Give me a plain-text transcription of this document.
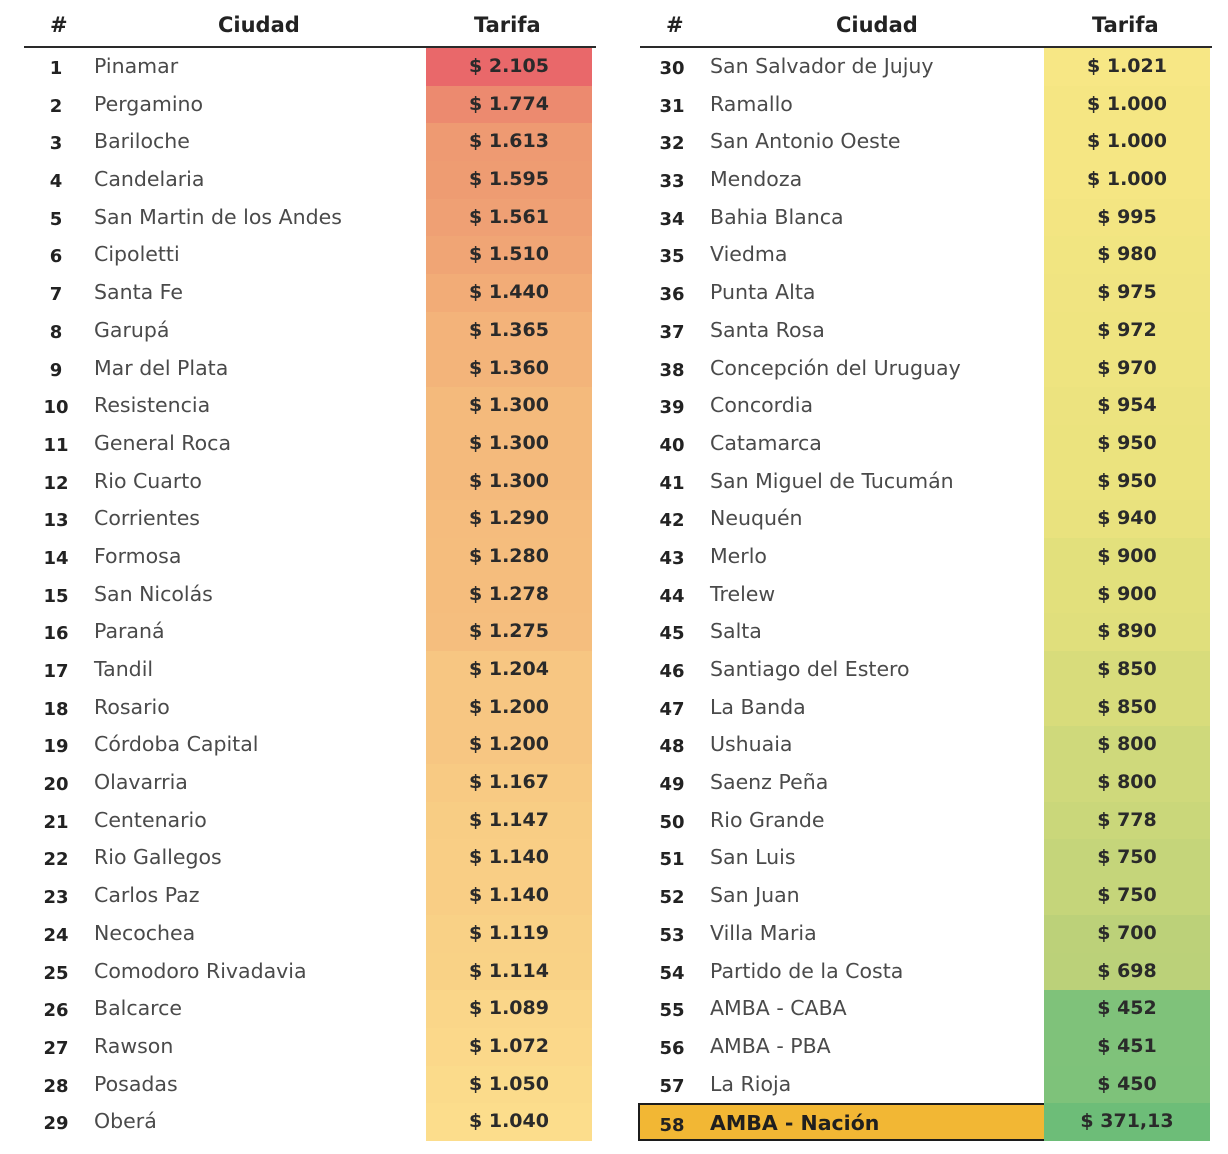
#	Ciudad	Tarifa
1	Pinamar	$ 2.105
2	Pergamino	$ 1.774
3	Bariloche	$ 1.613
4	Candelaria	$ 1.595
5	San Martin de los Andes	$ 1.561
6	Cipoletti	$ 1.510
7	Santa Fe	$ 1.440
8	Garupá	$ 1.365
9	Mar del Plata	$ 1.360
10	Resistencia	$ 1.300
11	General Roca	$ 1.300
12	Rio Cuarto	$ 1.300
13	Corrientes	$ 1.290
14	Formosa	$ 1.280
15	San Nicolás	$ 1.278
16	Paraná	$ 1.275
17	Tandil	$ 1.204
18	Rosario	$ 1.200
19	Córdoba Capital	$ 1.200
20	Olavarria	$ 1.167
21	Centenario	$ 1.147
22	Rio Gallegos	$ 1.140
23	Carlos Paz	$ 1.140
24	Necochea	$ 1.119
25	Comodoro Rivadavia	$ 1.114
26	Balcarce	$ 1.089
27	Rawson	$ 1.072
28	Posadas	$ 1.050
29	Oberá	$ 1.040
#	Ciudad	Tarifa
30	San Salvador de Jujuy	$ 1.021
31	Ramallo	$ 1.000
32	San Antonio Oeste	$ 1.000
33	Mendoza	$ 1.000
34	Bahia Blanca	$ 995
35	Viedma	$ 980
36	Punta Alta	$ 975
37	Santa Rosa	$ 972
38	Concepción del Uruguay	$ 970
39	Concordia	$ 954
40	Catamarca	$ 950
41	San Miguel de Tucumán	$ 950
42	Neuquén	$ 940
43	Merlo	$ 900
44	Trelew	$ 900
45	Salta	$ 890
46	Santiago del Estero	$ 850
47	La Banda	$ 850
48	Ushuaia	$ 800
49	Saenz Peña	$ 800
50	Rio Grande	$ 778
51	San Luis	$ 750
52	San Juan	$ 750
53	Villa Maria	$ 700
54	Partido de la Costa	$ 698
55	AMBA - CABA	$ 452
56	AMBA - PBA	$ 451
57	La Rioja	$ 450
58	AMBA - Nación	$ 371,13
